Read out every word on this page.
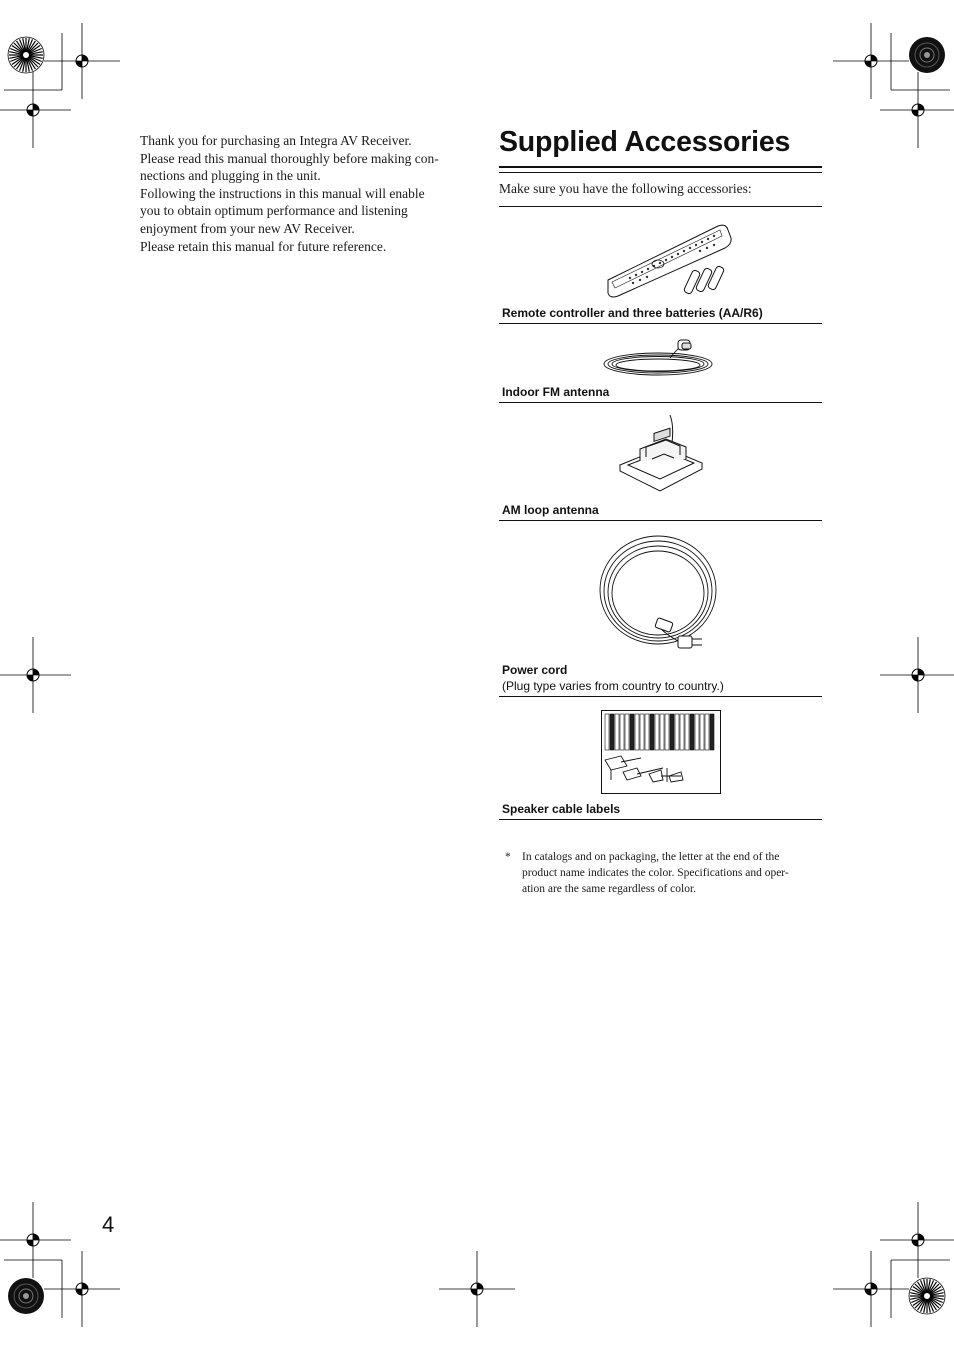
Thank you for purchasing an Integra AV Receiver.

Please read this manual thoroughly before making con-

nections and plugging in the unit.

Following the instructions in this manual will enable

you to obtain optimum performance and listening

enjoyment from your new AV Receiver.

Please retain this manual for future reference.

Supplied Accessories
Make sure you have the following accessories:
Remote controller and three batteries (AA/R6)
Indoor FM antenna
AM loop antenna
Power cord
(Plug type varies from country to country.)
Speaker cable labels
* In catalogs and on packaging, the letter at the end of the
product name indicates the color. Specifications and oper-
ation are the same regardless of color.
4
